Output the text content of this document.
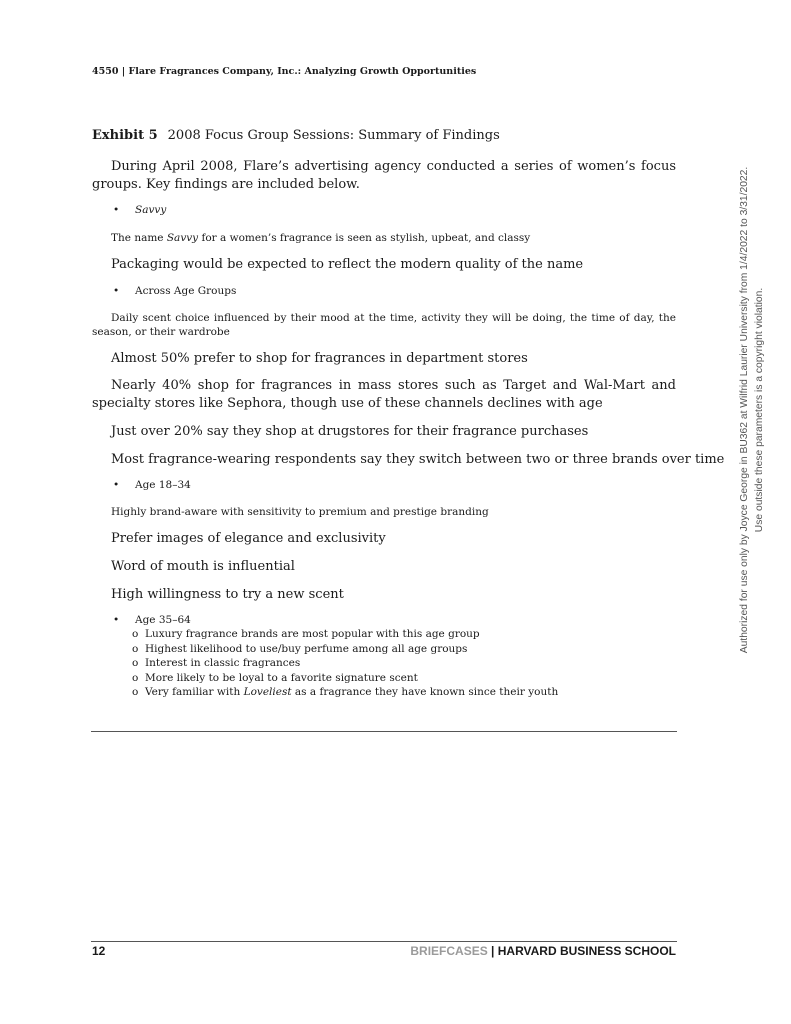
4550 | Flare Fragrances Company, Inc.: Analyzing Growth Opportunities
Exhibit 5 2008 Focus Group Sessions: Summary of Findings
During April 2008, Flare’s advertising agency conducted a series of women’s focus groups. Key findings are included below.
• Savvy
The name Savvy for a women’s fragrance is seen as stylish, upbeat, and classy
Packaging would be expected to reflect the modern quality of the name
• Across Age Groups
Daily scent choice influenced by their mood at the time, activity they will be doing, the time of day, the season, or their wardrobe
Almost 50% prefer to shop for fragrances in department stores
Nearly 40% shop for fragrances in mass stores such as Target and Wal-Mart and specialty stores like Sephora, though use of these channels declines with age
Just over 20% say they shop at drugstores for their fragrance purchases
Most fragrance-wearing respondents say they switch between two or three brands over time
• Age 18–34
Highly brand-aware with sensitivity to premium and prestige branding
Prefer images of elegance and exclusivity
Word of mouth is influential
High willingness to try a new scent
• Age 35–64
o Luxury fragrance brands are most popular with this age group
o Highest likelihood to use/buy perfume among all age groups
o Interest in classic fragrances
o More likely to be loyal to a favorite signature scent
o Very familiar with Loveliest as a fragrance they have known since their youth
12	BRIEFCASES | HARVARD BUSINESS SCHOOL
Authorized for use only by Joyce George in BU362 at Wilfrid Laurier University from 1/4/2022 to 3/31/2022. Use outside these parameters is a copyright violation.
